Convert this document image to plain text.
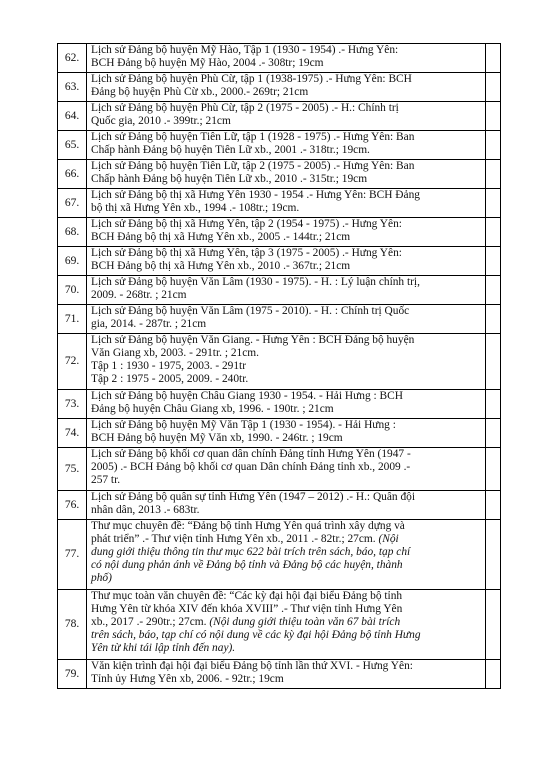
62.	Lịch sử Đảng bộ huyện Mỹ Hào, Tập 1 (1930 - 1954) .- Hưng Yên:
BCH Đảng bộ huyện Mỹ Hào, 2004 .- 308tr; 19cm	

63.	Lịch sử Đảng bộ huyện Phù Cừ, tập 1 (1938-1975) .- Hưng Yên: BCH
Đảng bộ huyện Phù Cừ xb., 2000.- 269tr; 21cm	

64.	Lịch sử Đảng bộ huyện Phù Cừ, tập 2 (1975 - 2005) .- H.: Chính trị
Quốc gia, 2010 .- 399tr.; 21cm	

65.	Lịch sử Đảng bộ huyện Tiên Lữ, tập 1 (1928 - 1975) .- Hưng Yên: Ban
Chấp hành Đảng bộ huyện Tiên Lữ xb., 2001 .- 318tr.; 19cm.	

66.	Lịch sử Đảng bộ huyện Tiên Lữ, tập 2 (1975 - 2005) .- Hưng Yên: Ban
Chấp hành Đảng bộ huyện Tiên Lữ xb., 2010 .- 315tr.; 19cm	

67.	Lịch sử Đảng bộ thị xã Hưng Yên 1930 - 1954 .- Hưng Yên: BCH Đảng
bộ thị xã Hưng Yên xb., 1994 .- 108tr.; 19cm.	

68.	Lịch sử Đảng bộ thị xã Hưng Yên, tập 2 (1954 - 1975) .- Hưng Yên:
BCH Đảng bộ thị xã Hưng Yên xb., 2005 .- 144tr.; 21cm	

69.	Lịch sử Đảng bộ thị xã Hưng Yên, tập 3 (1975 - 2005) .- Hưng Yên:
BCH Đảng bộ thị xã Hưng Yên xb., 2010 .- 367tr.; 21cm	

70.	Lịch sử Đảng bộ huyện Văn Lâm (1930 - 1975). - H. : Lý luận chính trị,
2009. - 268tr. ; 21cm	

71.	Lịch sử Đảng bộ huyện Văn Lâm (1975 - 2010). - H. : Chính trị Quốc
gia, 2014. - 287tr. ; 21cm	

72.	Lịch sử Đảng bộ huyện Văn Giang. - Hưng Yên : BCH Đảng bộ huyện
Văn Giang xb, 2003. - 291tr. ; 21cm.
Tập 1 : 1930 - 1975, 2003. - 291tr
Tập 2 : 1975 - 2005, 2009. - 240tr.	

73.	Lịch sử Đảng bộ huyện Châu Giang 1930 - 1954. - Hải Hưng : BCH
Đảng bộ huyện Châu Giang xb, 1996. - 190tr. ; 21cm	

74.	Lịch sử Đảng bộ huyện Mỹ Văn Tập 1 (1930 - 1954). - Hải Hưng :
BCH Đảng bộ huyện Mỹ Văn xb, 1990. - 246tr. ; 19cm	

75.	Lịch sử Đảng bộ khối cơ quan dân chính Đảng tỉnh Hưng Yên (1947 -
2005) .- BCH Đảng bộ khối cơ quan Dân chính Đảng tỉnh xb., 2009 .-
257 tr.	

76.	Lịch sử Đảng bộ quân sự tỉnh Hưng Yên (1947 – 2012) .- H.: Quân đội
nhân dân, 2013 .- 683tr.	

77.	Thư mục chuyên đề: “Đảng bộ tỉnh Hưng Yên quá trình xây dựng và
phát triển” .- Thư viện tỉnh Hưng Yên xb., 2011 .- 82tr.; 27cm. (Nội
dung giới thiệu thông tin thư mục 622 bài trích trên sách, báo, tạp chí
có nội dung phản ánh về Đảng bộ tỉnh và Đảng bộ các huyện, thành
phố)	

78.	Thư mục toàn văn chuyên đề: “Các kỳ đại hội đại biểu Đảng bộ tỉnh
Hưng Yên từ khóa XIV đến khóa XVIII” .- Thư viện tỉnh Hưng Yên
xb., 2017 .- 290tr.; 27cm. (Nội dung giới thiệu toàn văn 67 bài trích
trên sách, báo, tạp chí có nội dung về các kỳ đại hội Đảng bộ tỉnh Hưng
Yên từ khi tái lập tỉnh đến nay).	

79.	Văn kiện trình đại hội đại biểu Đảng bộ tỉnh lần thứ XVI. - Hưng Yên:
Tỉnh ủy Hưng Yên xb, 2006. - 92tr.; 19cm	
